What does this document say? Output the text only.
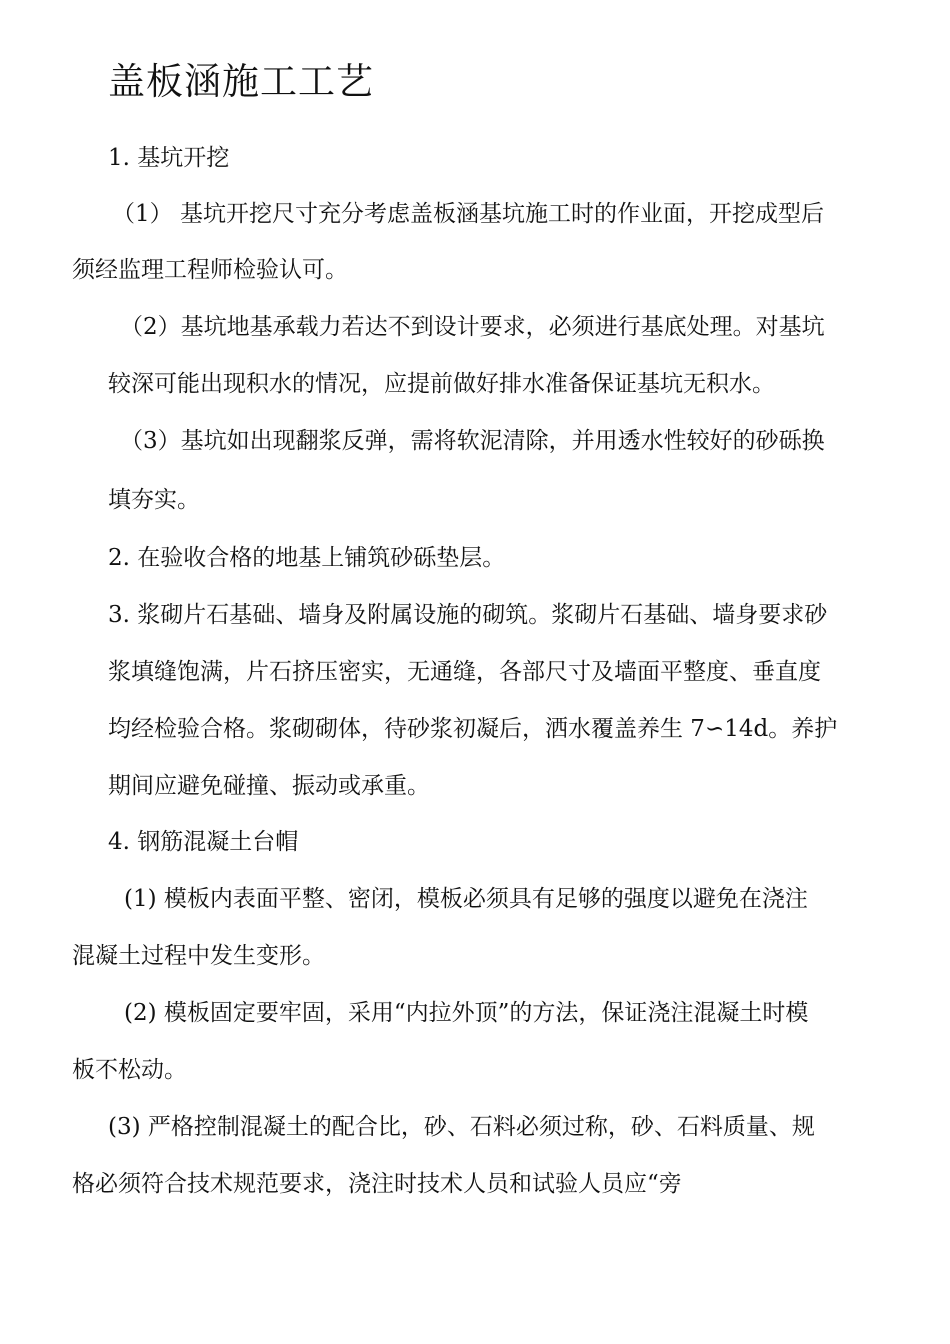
盖板涵施工工艺

1. 基坑开挖

（1） 基坑开挖尺寸充分考虑盖板涵基坑施工时的作业面，开挖成型后

须经监理工程师检验认可。

（2）基坑地基承载力若达不到设计要求，必须进行基底处理。对基坑

较深可能出现积水的情况，应提前做好排水准备保证基坑无积水。

（3）基坑如出现翻浆反弹，需将软泥清除，并用透水性较好的砂砾换

填夯实。

2. 在验收合格的地基上铺筑砂砾垫层。

3. 浆砌片石基础、墙身及附属设施的砌筑。浆砌片石基础、墙身要求砂

浆填缝饱满，片石挤压密实，无通缝，各部尺寸及墙面平整度、垂直度

均经检验合格。浆砌砌体，待砂浆初凝后，洒水覆盖养生 7∽14d。养护

期间应避免碰撞、振动或承重。

4. 钢筋混凝土台帽

(1) 模板内表面平整、密闭，模板必须具有足够的强度以避免在浇注

混凝土过程中发生变形。

(2) 模板固定要牢固，采用“内拉外顶”的方法，保证浇注混凝土时模

板不松动。

(3) 严格控制混凝土的配合比，砂、石料必须过称，砂、石料质量、规

格必须符合技术规范要求，浇注时技术人员和试验人员应“旁
